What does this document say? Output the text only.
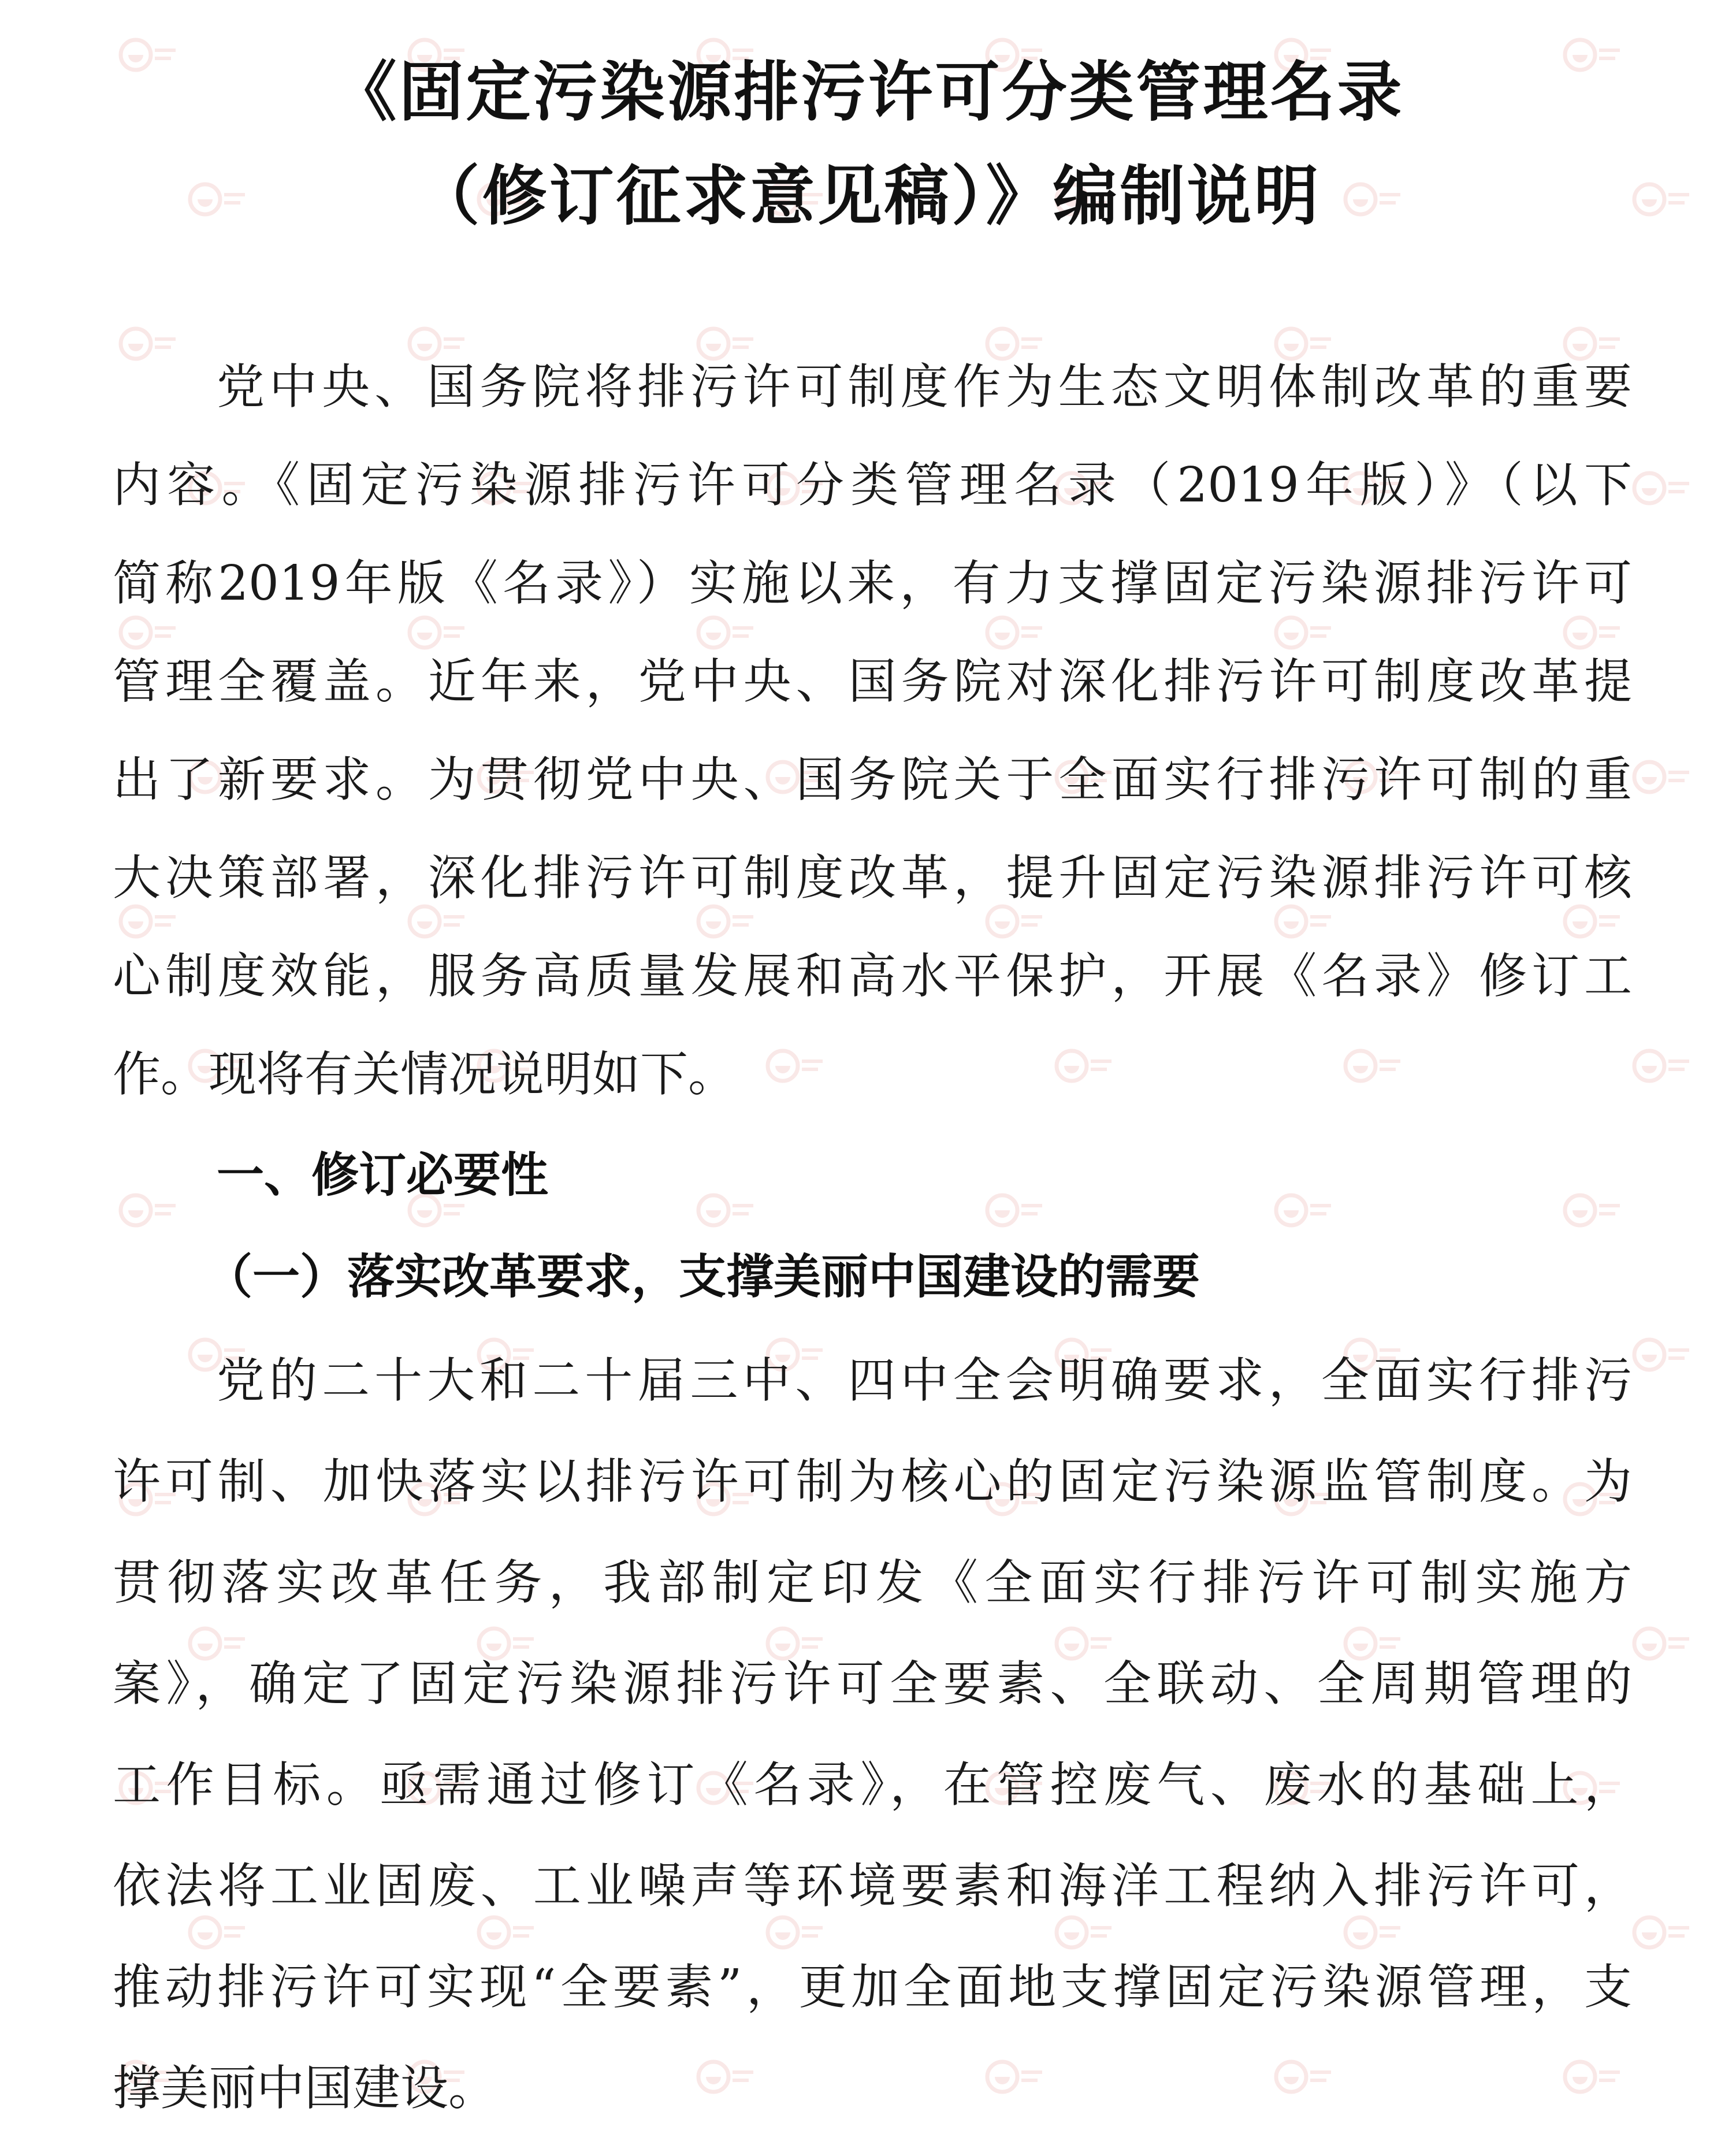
《固定污染源排污许可分类管理名录
（修订征求意见稿）》编制说明
党中央、国务院将排污许可制度作为生态文明体制改革的重要
内容。《固定污染源排污许可分类管理名录（2019年版）》（以下
简称2019年版《名录》）实施以来，有力支撑固定污染源排污许可
管理全覆盖。近年来，党中央、国务院对深化排污许可制度改革提
出了新要求。为贯彻党中央、国务院关于全面实行排污许可制的重
大决策部署，深化排污许可制度改革，提升固定污染源排污许可核
心制度效能，服务高质量发展和高水平保护，开展《名录》修订工
作。现将有关情况说明如下。
一、修订必要性
（一）落实改革要求，支撑美丽中国建设的需要
党的二十大和二十届三中、四中全会明确要求，全面实行排污
许可制、加快落实以排污许可制为核心的固定污染源监管制度。为
贯彻落实改革任务，我部制定印发《全面实行排污许可制实施方
案》，确定了固定污染源排污许可全要素、全联动、全周期管理的
工作目标。亟需通过修订《名录》，在管控废气、废水的基础上，
依法将工业固废、工业噪声等环境要素和海洋工程纳入排污许可，
推动排污许可实现“全要素”，更加全面地支撑固定污染源管理，支
撑美丽中国建设。
